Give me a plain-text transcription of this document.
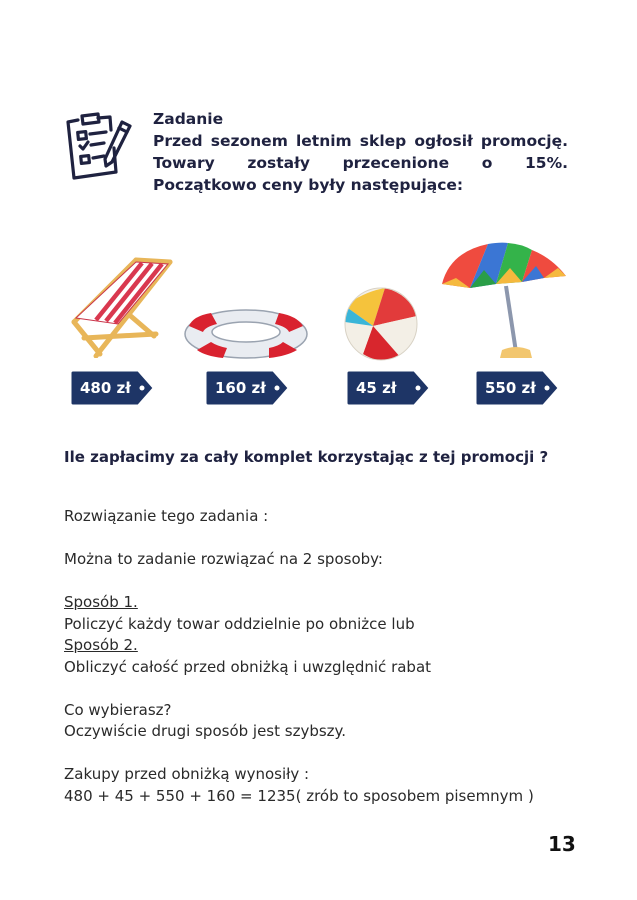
Zadanie
Przed sezonem letnim sklep ogłosił promocję. Towary zostały przecenione o 15%. Początkowo ceny były następujące:
480 zł	160 zł	45 zł	550 zł
Ile zapłacimy za cały komplet korzystając z tej promocji ?

Rozwiązanie tego zadania :

Można to zadanie rozwiązać na 2 sposoby:

Sposób 1.

Policzyć każdy towar oddzielnie po obniżce lub

Sposób 2.

Obliczyć całość przed obniżką i uwzględnić rabat

Co wybierasz?

Oczywiście drugi sposób jest szybszy.

Zakupy przed obniżką wynosiły :

480 + 45 + 550 + 160 = 1235( zrób to sposobem pisemnym )

13
